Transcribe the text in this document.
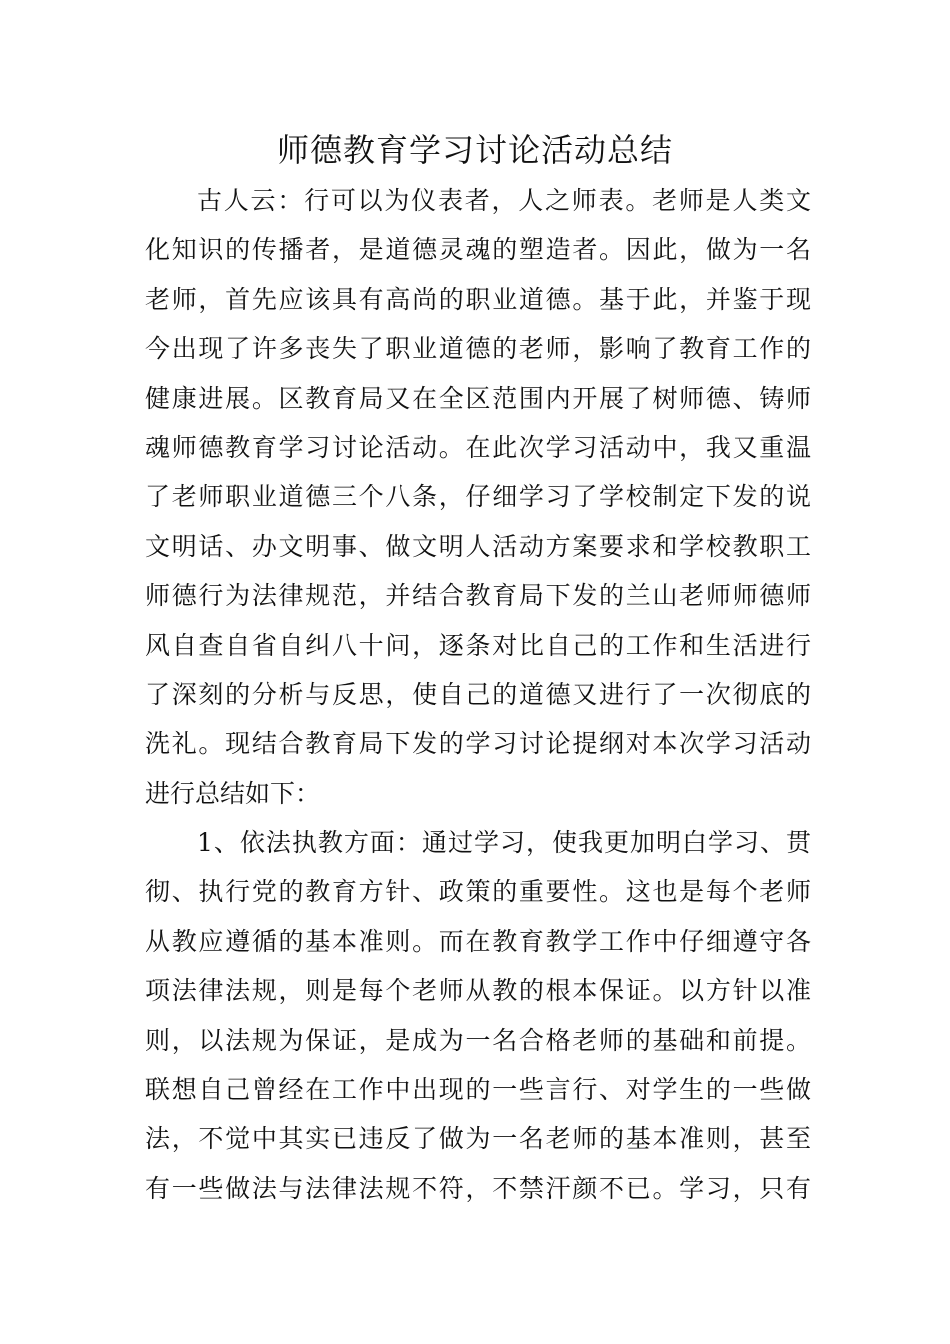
师德教育学习讨论活动总结
古人云：行可以为仪表者，人之师表。老师是人类文
化知识的传播者，是道德灵魂的塑造者。因此，做为一名
老师，首先应该具有高尚的职业道德。基于此，并鉴于现
今出现了许多丧失了职业道德的老师，影响了教育工作的
健康进展。区教育局又在全区范围内开展了树师德、铸师
魂师德教育学习讨论活动。在此次学习活动中，我又重温
了老师职业道德三个八条，仔细学习了学校制定下发的说
文明话、办文明事、做文明人活动方案要求和学校教职工
师德行为法律规范，并结合教育局下发的兰山老师师德师
风自查自省自纠八十问，逐条对比自己的工作和生活进行
了深刻的分析与反思，使自己的道德又进行了一次彻底的
洗礼。现结合教育局下发的学习讨论提纲对本次学习活动
进行总结如下：
1、依法执教方面：通过学习，使我更加明白学习、贯
彻、执行党的教育方针、政策的重要性。这也是每个老师
从教应遵循的基本准则。而在教育教学工作中仔细遵守各
项法律法规，则是每个老师从教的根本保证。以方针以准
则，以法规为保证，是成为一名合格老师的基础和前提。
联想自己曾经在工作中出现的一些言行、对学生的一些做
法，不觉中其实已违反了做为一名老师的基本准则，甚至
有一些做法与法律法规不符，不禁汗颜不已。学习，只有
